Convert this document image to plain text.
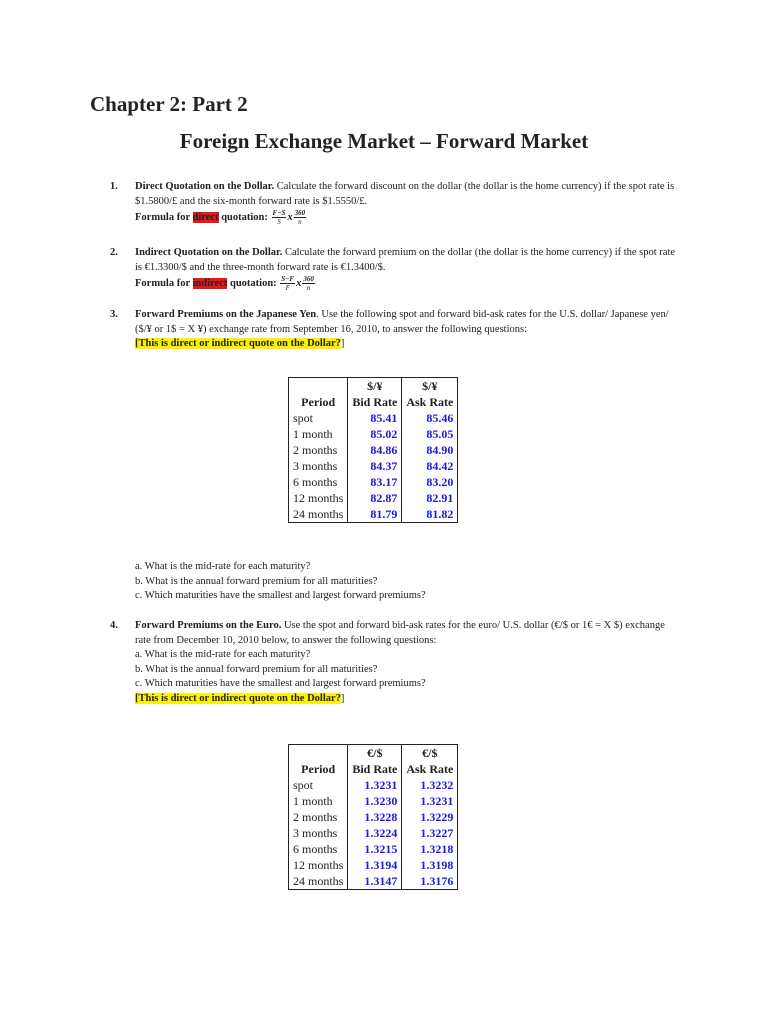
Chapter 2: Part 2
Foreign Exchange Market – Forward Market
1. Direct Quotation on the Dollar. Calculate the forward discount on the dollar (the dollar is the home currency) if the spot rate is $1.5800/£ and the six-month forward rate is $1.5550/£.
Formula for direct quotation: $\frac{F-S}{S}$ x $\frac{360}{n}$
2. Indirect Quotation on the Dollar. Calculate the forward premium on the dollar (the dollar is the home currency) if the spot rate is €1.3300/$ and the three-month forward rate is €1.3400/$.
Formula for indirect quotation: $\frac{S-F}{F}$ x $\frac{360}{n}$
3. Forward Premiums on the Japanese Yen. Use the following spot and forward bid-ask rates for the U.S. dollar/ Japanese yen/ ($/¥ or 1$ = X ¥) exchange rate from September 16, 2010, to answer the following questions:
[This is direct or indirect quote on the Dollar?]
	$/¥	$/¥
Period	Bid Rate	Ask Rate
spot	85.41	85.46
1 month	85.02	85.05
2 months	84.86	84.90
3 months	84.37	84.42
6 months	83.17	83.20
12 months	82.87	82.91
24 months	81.79	81.82
a. What is the mid-rate for each maturity?
b. What is the annual forward premium for all maturities?
c. Which maturities have the smallest and largest forward premiums?
4. Forward Premiums on the Euro. Use the spot and forward bid-ask rates for the euro/ U.S. dollar (€/$ or 1€ = X $) exchange rate from December 10, 2010 below, to answer the following questions:
a. What is the mid-rate for each maturity?
b. What is the annual forward premium for all maturities?
c. Which maturities have the smallest and largest forward premiums?
[This is direct or indirect quote on the Dollar?]
	€/$	€/$
Period	Bid Rate	Ask Rate
spot	1.3231	1.3232
1 month	1.3230	1.3231
2 months	1.3228	1.3229
3 months	1.3224	1.3227
6 months	1.3215	1.3218
12 months	1.3194	1.3198
24 months	1.3147	1.3176
